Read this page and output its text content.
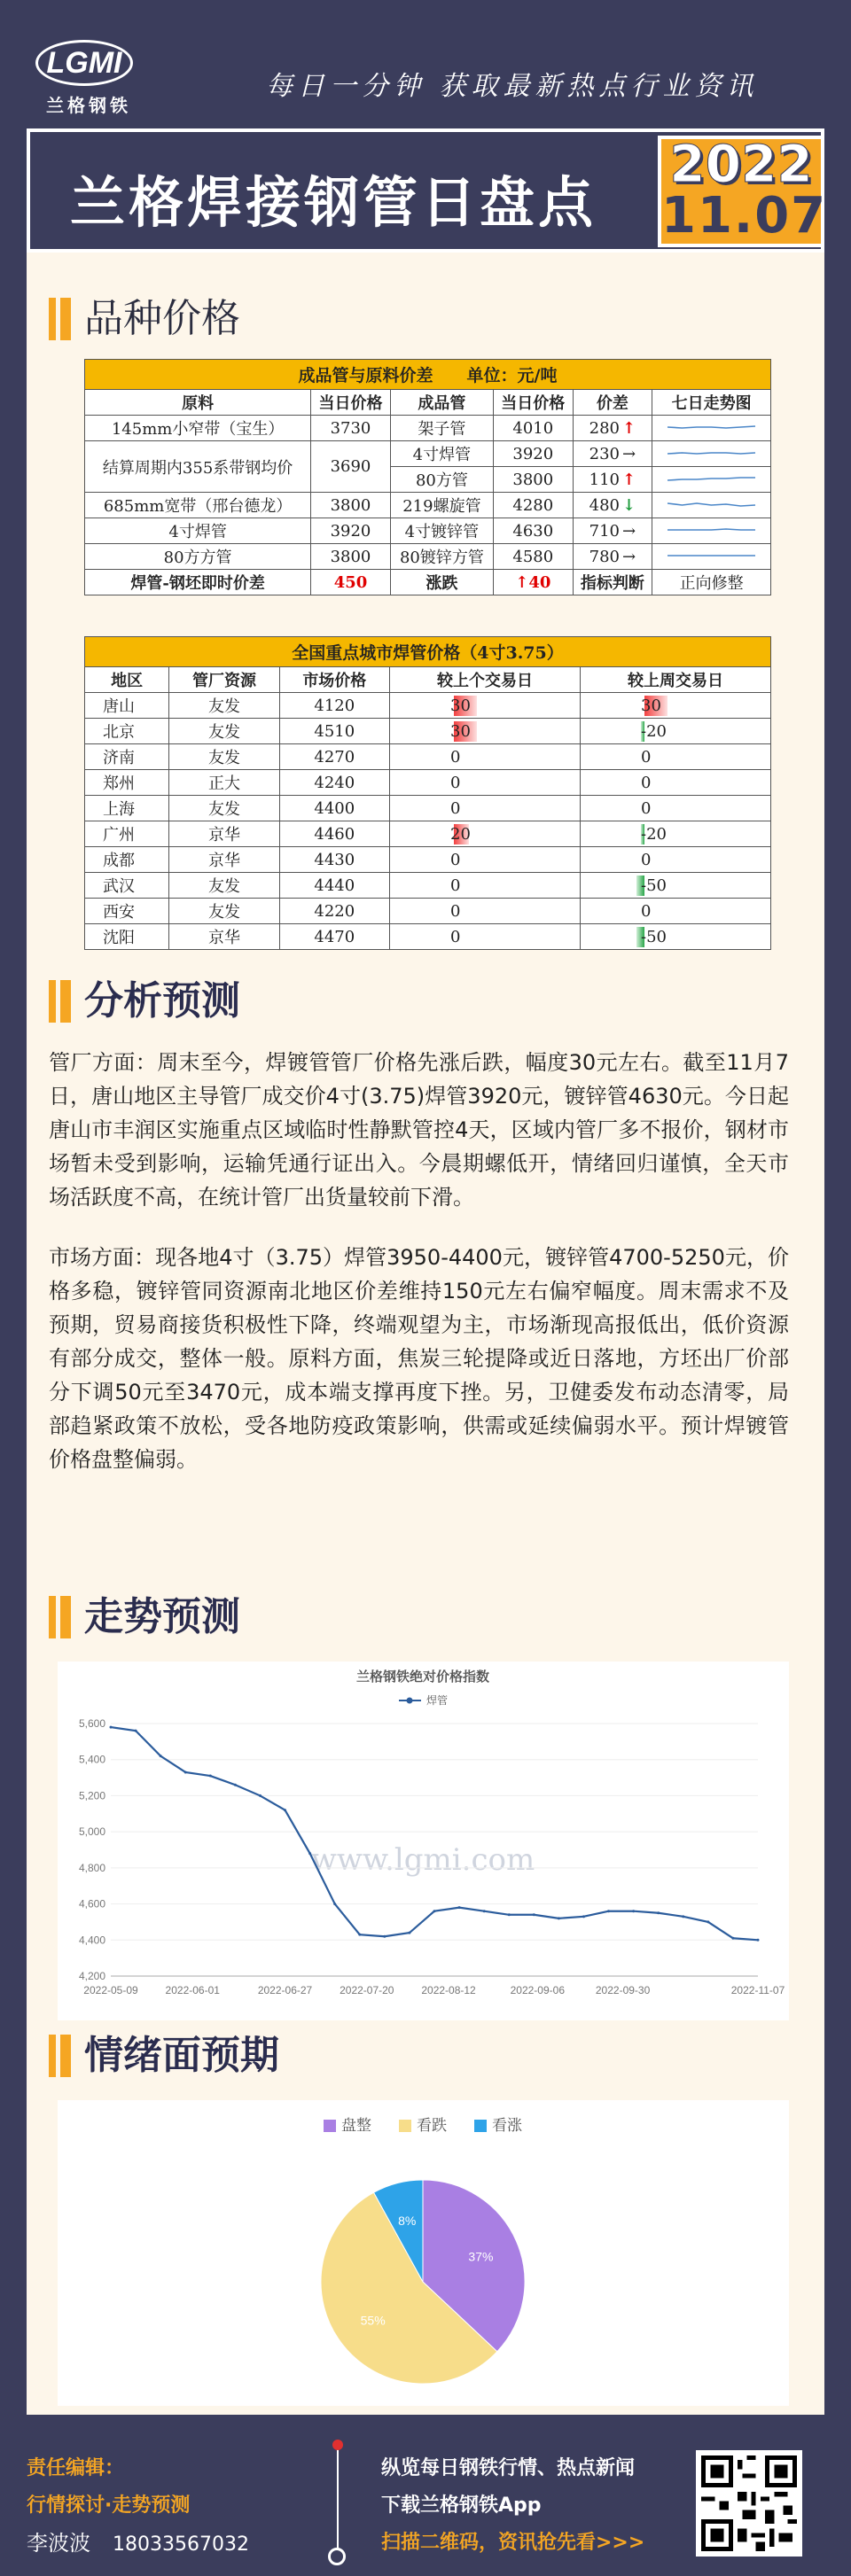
LGMI
兰格钢铁
每日一分钟 获取最新热点行业资讯
兰格焊接钢管日盘点
2022
11.07
品种价格
成品管与原料价差　　单位：元/吨					
原料	当日价格	成品管	当日价格	价差	七日走势图
145mm小窄带（宝生）	3730	架子管	4010	280 ↑	

结算周期内355系带钢均价	3690	4寸焊管	3920	230 →	

		80方管	3800	110 ↑	

685mm宽带（邢台德龙）	3800	219螺旋管	4280	480 ↓	

4寸焊管	3920	4寸镀锌管	4630	710 →	

80方方管	3800	80镀锌方管	4580	780 →	

焊管-钢坯即时价差	450	涨跌	↑40	指标判断	正向修整
全国重点城市焊管价格（4寸3.75）				
地区	管厂资源	市场价格	较上个交易日	较上周交易日
唐山	友发	4120	30	30

北京	友发	4510	30	-20

济南	友发	4270	0	0

郑州	正大	4240	0	0

上海	友发	4400	0	0

广州	京华	4460	20	-20

成都	京华	4430	0	0

武汉	友发	4440	0	-50

西安	友发	4220	0	0

沈阳	京华	4470	0	-50
分析预测
管厂方面：周末至今，焊镀管管厂价格先涨后跌，幅度30元左右。截至11月7日，唐山地区主导管厂成交价4寸(3.75)焊管3920元，镀锌管4630元。今日起唐山市丰润区实施重点区域临时性静默管控4天，区域内管厂多不报价，钢材市场暂未受到影响，运输凭通行证出入。今晨期螺低开，情绪回归谨慎，全天市场活跃度不高，在统计管厂出货量较前下滑。
市场方面：现各地4寸（3.75）焊管3950-4400元，镀锌管4700-5250元，价格多稳，镀锌管同资源南北地区价差维持150元左右偏窄幅度。周末需求不及预期，贸易商接货积极性下降，终端观望为主，市场渐现高报低出，低价资源有部分成交，整体一般。原料方面，焦炭三轮提降或近日落地，方坯出厂价部分下调50元至3470元，成本端支撑再度下挫。另，卫健委发布动态清零，局部趋紧政策不放松，受各地防疫政策影响，供需或延续偏弱水平。预计焊镀管价格盘整偏弱。
走势预测
兰格钢铁绝对价格指数
焊管
www.lgmi.com
4,200
4,400
4,600
4,800
5,000
5,200
5,400
5,600
2022-05-09	2022-06-01	2022-06-27	2022-07-20	2022-08-12	2022-09-06	2022-09-30	2022-11-07
情绪面预期
盘整	看跌	看涨
37%
55%
8%
责任编辑：
行情探讨·走势预测
李波波 18033567032
纵览每日钢铁行情、热点新闻
下载兰格钢铁App
扫描二维码，资讯抢先看>>>
